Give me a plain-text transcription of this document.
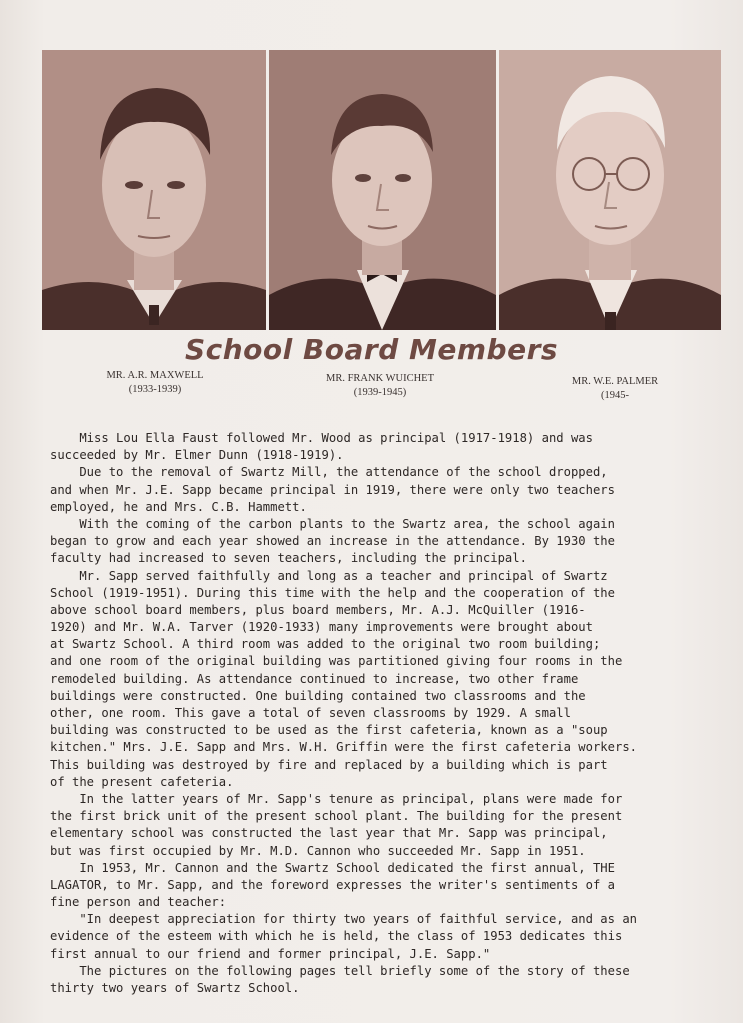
School Board Members
MR. A.R. MAXWELL
(1933-1939)
MR. FRANK WUICHET
(1939-1945)
MR. W.E. PALMER
(1945-
Miss Lou Ella Faust followed Mr. Wood as principal (1917-1918) and was
succeeded by Mr. Elmer Dunn (1918-1919).
Due to the removal of Swartz Mill, the attendance of the school dropped,
and when Mr. J.E. Sapp became principal in 1919, there were only two teachers
employed, he and Mrs. C.B. Hammett.
With the coming of the carbon plants to the Swartz area, the school again
began to grow and each year showed an increase in the attendance. By 1930 the
faculty had increased to seven teachers, including the principal.
Mr. Sapp served faithfully and long as a teacher and principal of Swartz
School (1919-1951). During this time with the help and the cooperation of the
above school board members, plus board members, Mr. A.J. McQuiller (1916-
1920) and Mr. W.A. Tarver (1920-1933) many improvements were brought about
at Swartz School. A third room was added to the original two room building;
and one room of the original building was partitioned giving four rooms in the
remodeled building. As attendance continued to increase, two other frame
buildings were constructed. One building contained two classrooms and the
other, one room. This gave a total of seven classrooms by 1929. A small
building was constructed to be used as the first cafeteria, known as a "soup
kitchen." Mrs. J.E. Sapp and Mrs. W.H. Griffin were the first cafeteria workers.
This building was destroyed by fire and replaced by a building which is part
of the present cafeteria.
In the latter years of Mr. Sapp's tenure as principal, plans were made for
the first brick unit of the present school plant. The building for the present
elementary school was constructed the last year that Mr. Sapp was principal,
but was first occupied by Mr. M.D. Cannon who succeeded Mr. Sapp in 1951.
In 1953, Mr. Cannon and the Swartz School dedicated the first annual, THE
LAGATOR, to Mr. Sapp, and the foreword expresses the writer's sentiments of a
fine person and teacher:
"In deepest appreciation for thirty two years of faithful service, and as an
evidence of the esteem with which he is held, the class of 1953 dedicates this
first annual to our friend and former principal, J.E. Sapp."
The pictures on the following pages tell briefly some of the story of these
thirty two years of Swartz School.
